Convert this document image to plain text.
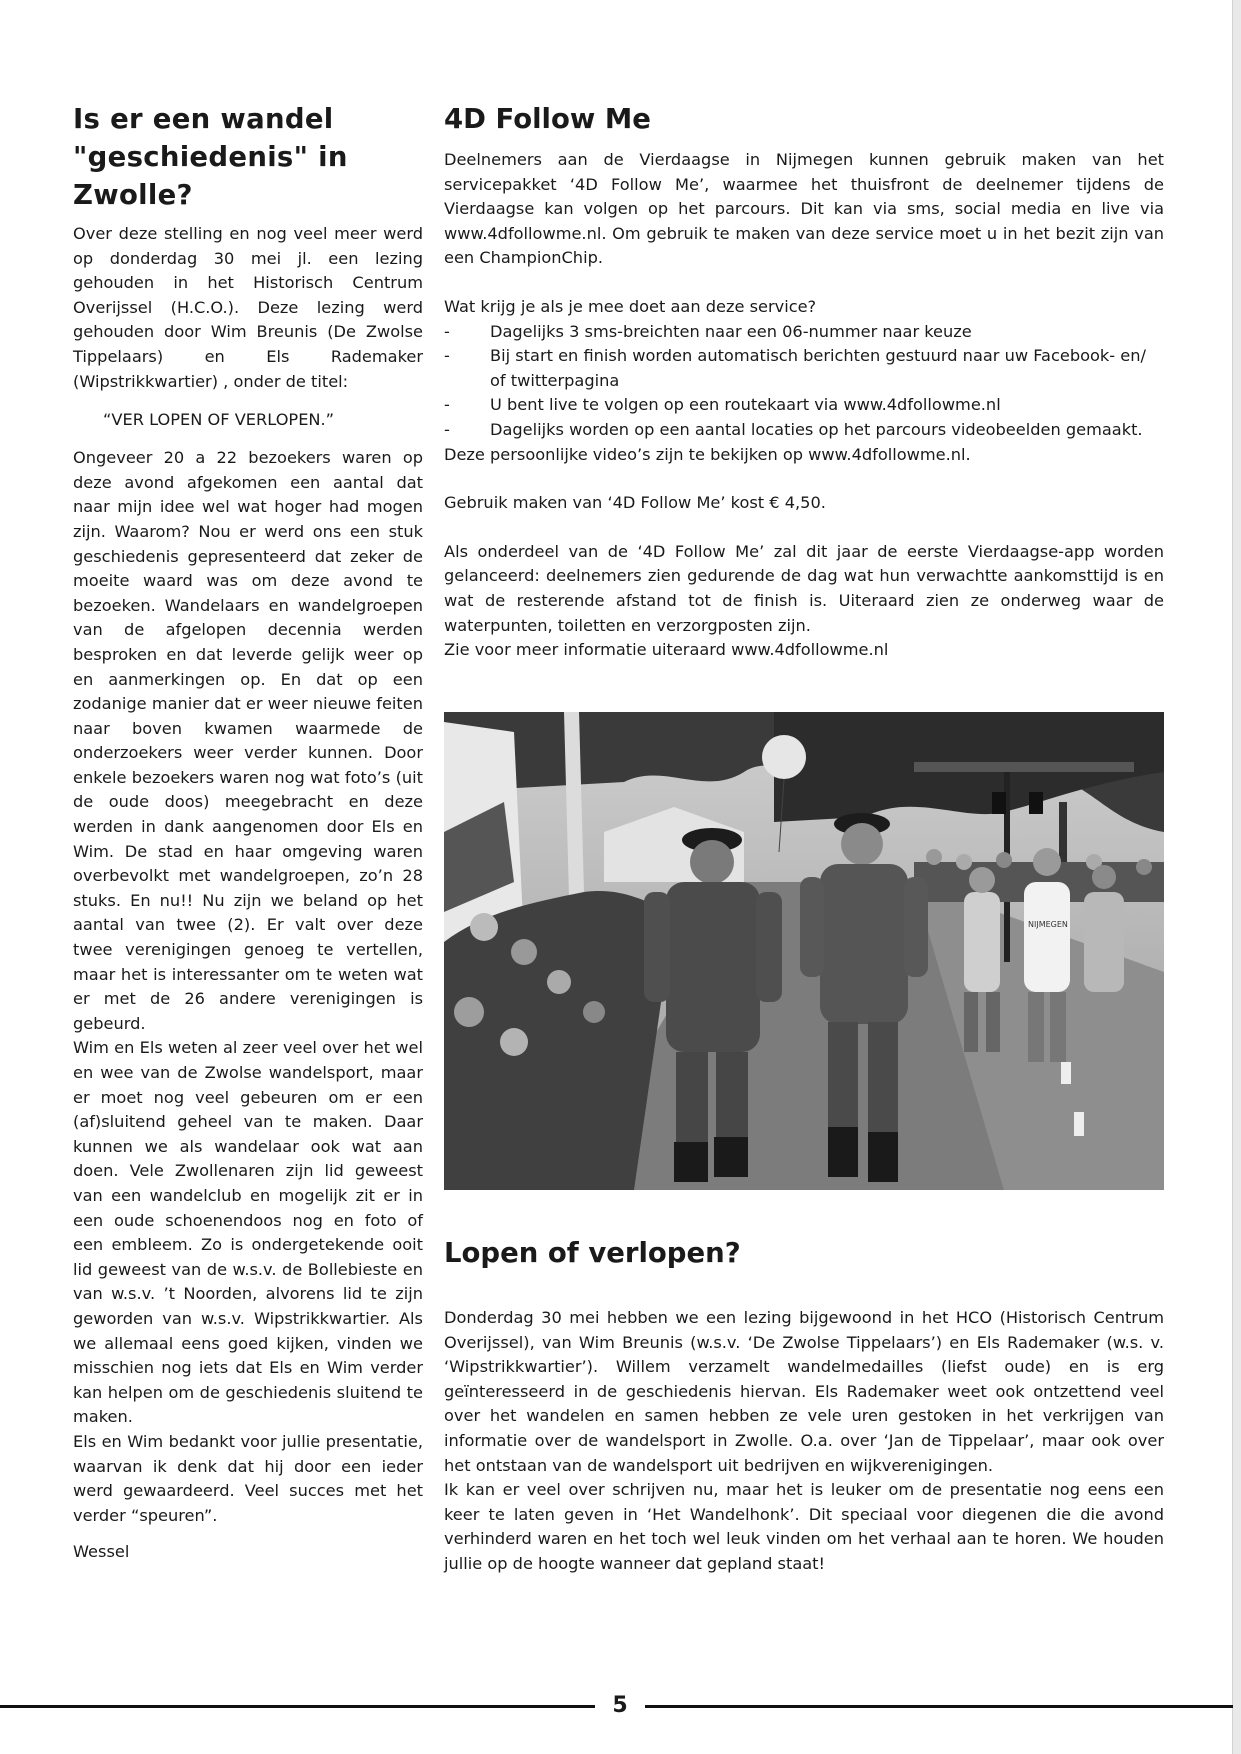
Is er een wandel "geschiedenis" in Zwolle?

Over deze stelling en nog veel meer werd op donderdag 30 mei jl. een lezing gehouden in het Historisch Centrum Overijssel (H.C.O.). Deze lezing werd gehouden door Wim Breunis (De Zwolse Tippelaars) en Els Rademaker (Wipstrikkwartier) , onder de titel:

“VER LOPEN OF VERLOPEN.”

Ongeveer 20 a 22 bezoekers waren op deze avond afgekomen een aantal dat naar mijn idee wel wat hoger had mogen zijn. Waarom? Nou er werd ons een stuk geschiedenis gepresenteerd dat zeker de moeite waard was om deze avond te bezoeken. Wandelaars en wandelgroepen van de afgelopen decennia werden besproken en dat leverde gelijk weer op en aanmerkingen op. En dat op een zodanige manier dat er weer nieuwe feiten naar boven kwamen waarmede de onderzoekers weer verder kunnen. Door enkele bezoekers waren nog wat foto’s (uit de oude doos) meegebracht en deze werden in dank aangenomen door Els en Wim. De stad en haar omgeving waren overbevolkt met wandelgroepen, zo’n 28 stuks. En nu!! Nu zijn we beland op het aantal van twee (2). Er valt over deze twee verenigingen genoeg te vertellen, maar het is interessanter om te weten wat er met de 26 andere verenigingen is gebeurd.

Wim en Els weten al zeer veel over het wel en wee van de Zwolse wandelsport, maar er moet nog veel gebeuren om er een (af)sluitend geheel van te maken. Daar kunnen we als wandelaar ook wat aan doen. Vele Zwollenaren zijn lid geweest van een wandelclub en mogelijk zit er in een oude schoenendoos nog en foto of een embleem. Zo is ondergetekende ooit lid geweest van de w.s.v. de Bollebieste en van w.s.v. ’t Noorden, alvorens lid te zijn geworden van w.s.v. Wipstrikkwartier. Als we allemaal eens goed kijken, vinden we misschien nog iets dat Els en Wim verder kan helpen om de geschiedenis sluitend te maken.

Els en Wim bedankt voor jullie presentatie, waarvan ik denk dat hij door een ieder werd gewaardeerd. Veel succes met het verder “speuren”.

Wessel

4D Follow Me

Deelnemers aan de Vierdaagse in Nijmegen kunnen gebruik maken van het servicepakket ‘4D Follow Me’, waarmee het thuisfront de deelnemer tijdens de Vierdaagse kan volgen op het parcours. Dit kan via sms, social media en live via www.4dfollowme.nl. Om gebruik te maken van deze service moet u in het bezit zijn van een ChampionChip.

Wat krijg je als je mee doet aan deze service?

- Dagelijks 3 sms-breichten naar een 06-nummer naar keuze
- Bij start en finish worden automatisch berichten gestuurd naar uw Facebook- en/ of twitterpagina
- U bent live te volgen op een routekaart via www.4dfollowme.nl
- Dagelijks worden op een aantal locaties op het parcours videobeelden gemaakt.

Deze persoonlijke video’s zijn te bekijken op www.4dfollowme.nl.

Gebruik maken van ‘4D Follow Me’ kost € 4,50.

Als onderdeel van de ‘4D Follow Me’ zal dit jaar de eerste Vierdaagse-app worden gelanceerd: deelnemers zien gedurende de dag wat hun verwachtte aankomsttijd is en wat de resterende afstand tot de finish is. Uiteraard zien ze onderweg waar de waterpunten, toiletten en verzorgposten zijn.

Zie voor meer informatie uiteraard www.4dfollowme.nl

NIJMEGEN
Lopen of verlopen?

Donderdag 30 mei hebben we een lezing bijgewoond in het HCO (Historisch Centrum Overijssel), van Wim Breunis (w.s.v. ‘De Zwolse Tippelaars’) en Els Rademaker (w.s. v. ‘Wipstrikkwartier’). Willem verzamelt wandelmedailles (liefst oude) en is erg geïnteresseerd in de geschiedenis hiervan. Els Rademaker weet ook ontzettend veel over het wandelen en samen hebben ze vele uren gestoken in het verkrijgen van informatie over de wandelsport in Zwolle. O.a. over ‘Jan de Tippelaar’, maar ook over het ontstaan van de wandelsport uit bedrijven en wijkverenigingen.

Ik kan er veel over schrijven nu, maar het is leuker om de presentatie nog eens een keer te laten geven in ‘Het Wandelhonk’. Dit speciaal voor diegenen die die avond verhinderd waren en het toch wel leuk vinden om het verhaal aan te horen. We houden jullie op de hoogte wanneer dat gepland staat!

5
